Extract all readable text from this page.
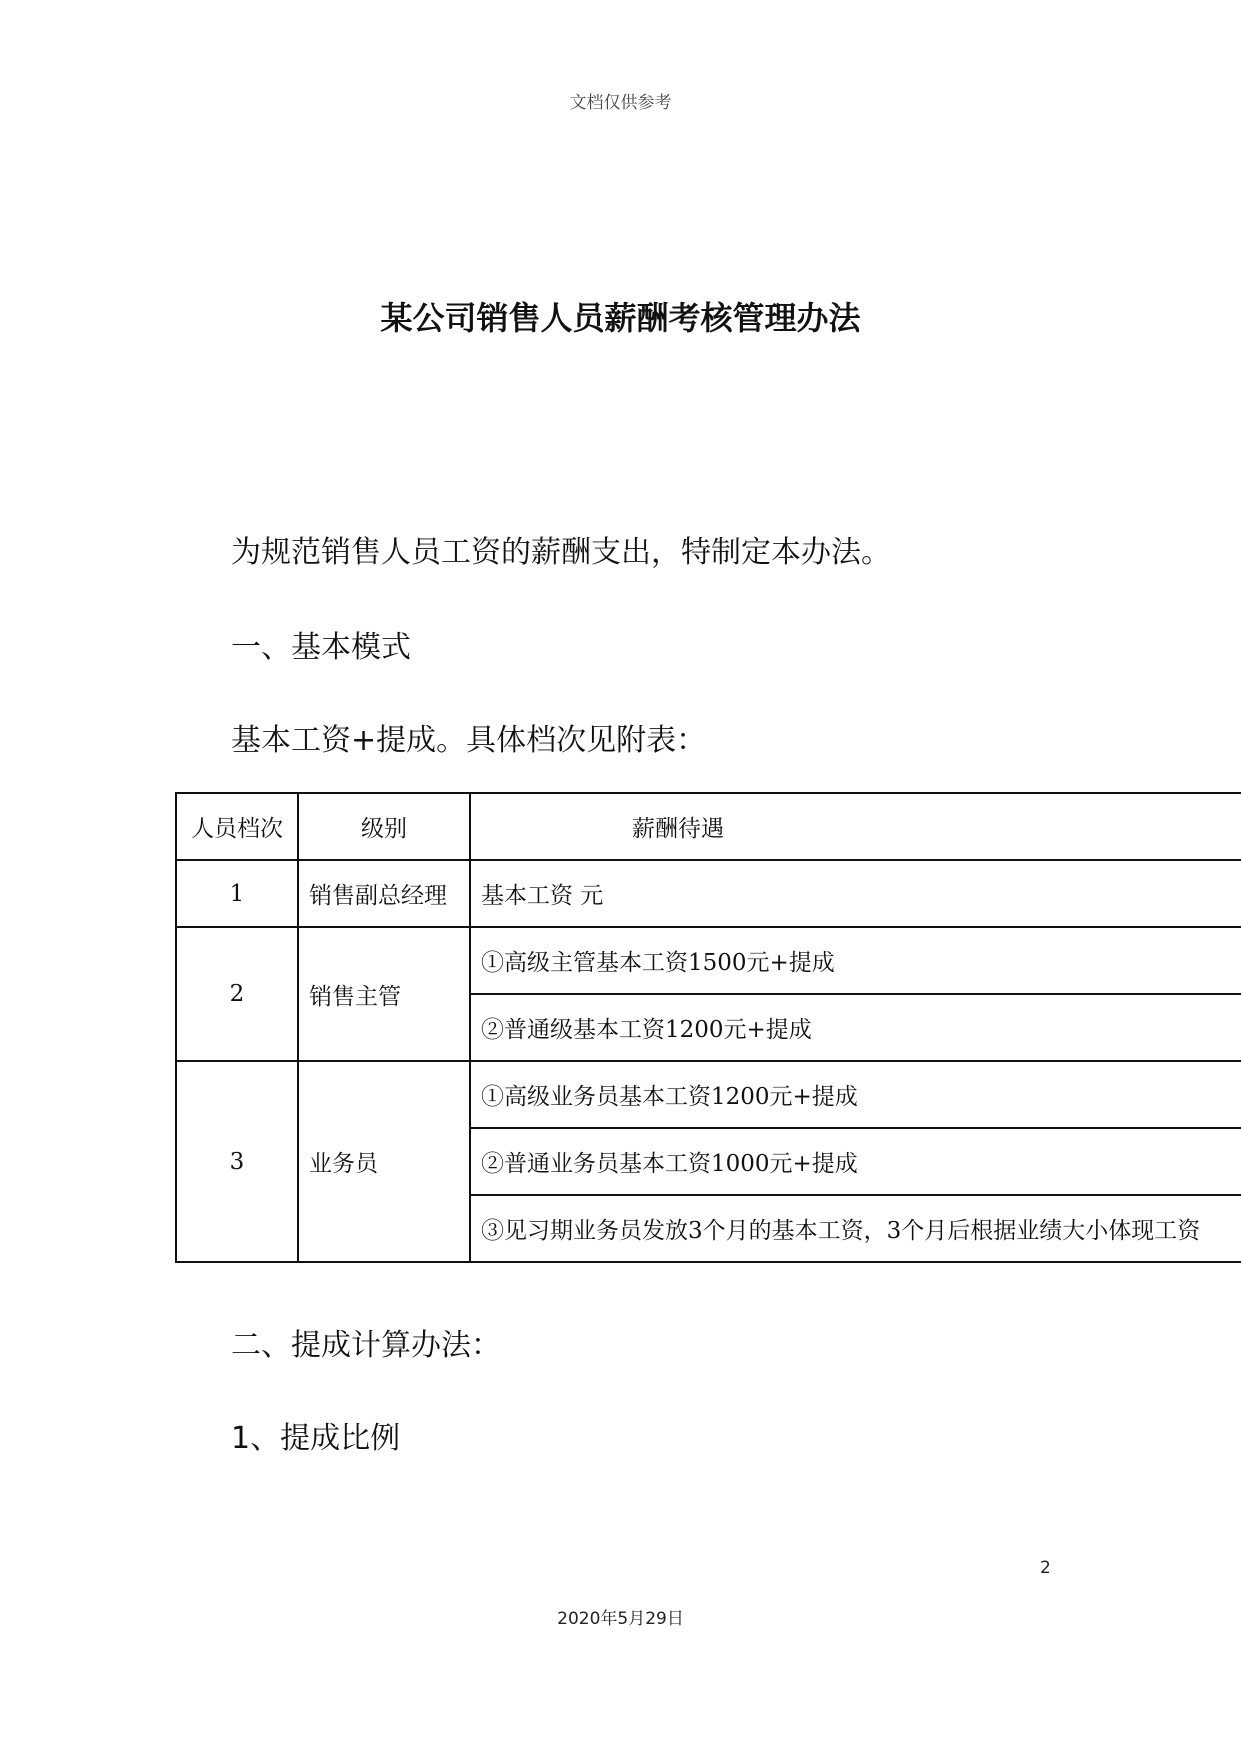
文档仅供参考
某公司销售人员薪酬考核管理办法
为规范销售人员工资的薪酬支出，特制定本办法。
一、基本模式
基本工资+提成。具体档次见附表：
人员档次	级别	薪酬待遇
1	销售副总经理	基本工资 元
2	销售主管	①高级主管基本工资1500元+提成
		②普通级基本工资1200元+提成
3	业务员	①高级业务员基本工资1200元+提成
		②普通业务员基本工资1000元+提成
		③见习期业务员发放3个月的基本工资，3个月后根据业绩大小体现工资
二、提成计算办法：
1、提成比例
2
2020年5月29日
